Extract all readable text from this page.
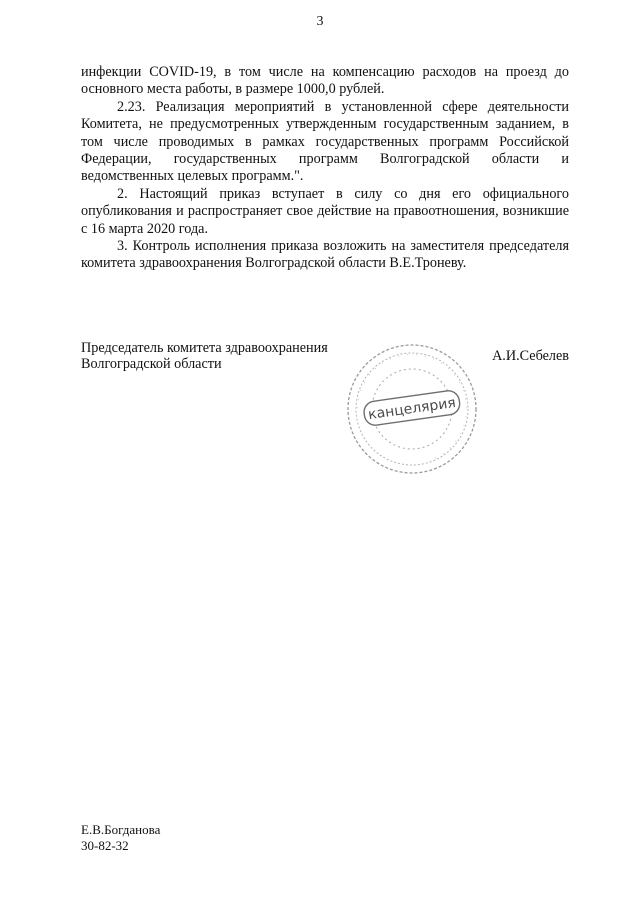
3

инфекции COVID-19, в том числе на компенсацию расходов на проезд до основного места работы, в размере 1000,0 рублей.

2.23. Реализация мероприятий в установленной сфере деятельности Комитета, не предусмотренных утвержденным государственным заданием, в том числе проводимых в рамках государственных программ Российской Федерации, государственных программ Волгоградской области и ведомственных целевых программ.".

2. Настоящий приказ вступает в силу со дня его официального опубликования и распространяет свое действие на правоотношения, возникшие с 16 марта 2020 года.

3. Контроль исполнения приказа возложить на заместителя председателя комитета здравоохранения Волгоградской области В.Е.Троневу.

Председатель комитета здравоохранения
Волгоградской области	А.И.Себелев
· · · · · · · · · · · · · · · · · · · · · · · · · · ·
канцелярия
Е.В.Богданова
30-82-32
